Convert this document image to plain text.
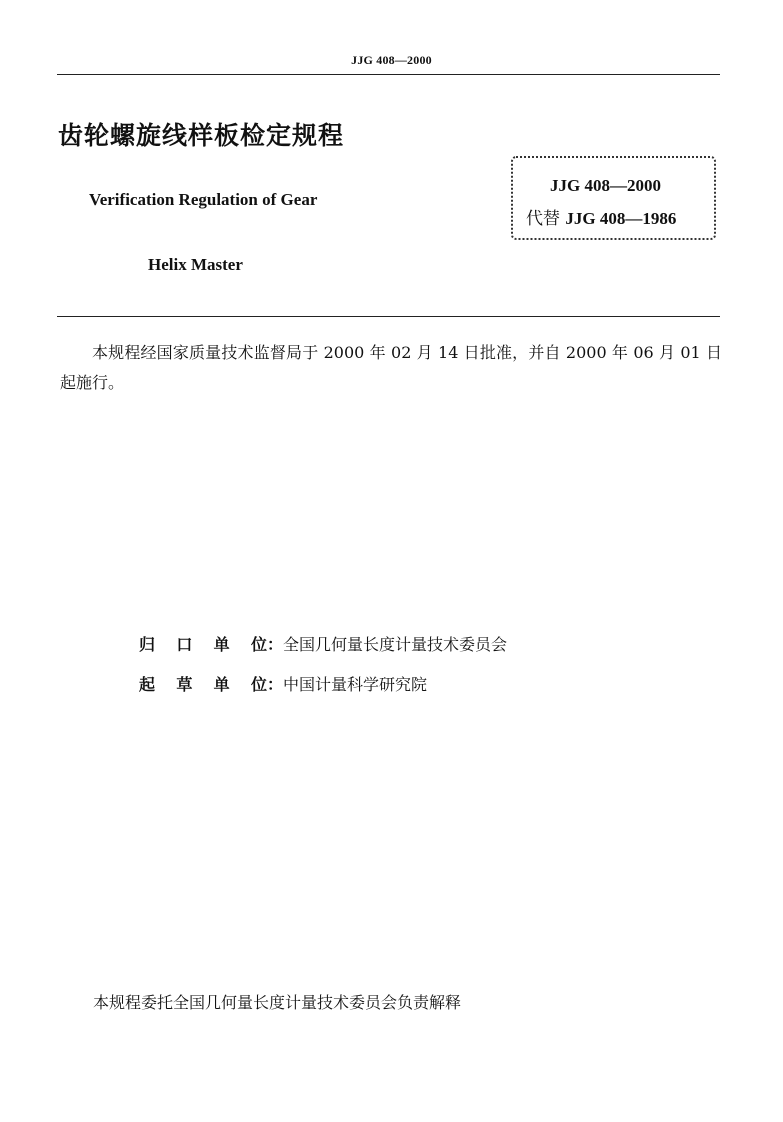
JJG 408—2000
齿轮螺旋线样板检定规程
Verification Regulation of Gear
Helix Master
JJG 408—2000
代替 JJG 408—1986
本规程经国家质量技术监督局于 2000 年 02 月 14 日批准，并自 2000 年 06 月 01 日起施行。
归口单位：全国几何量长度计量技术委员会
起草单位：中国计量科学研究院
本规程委托全国几何量长度计量技术委员会负责解释
